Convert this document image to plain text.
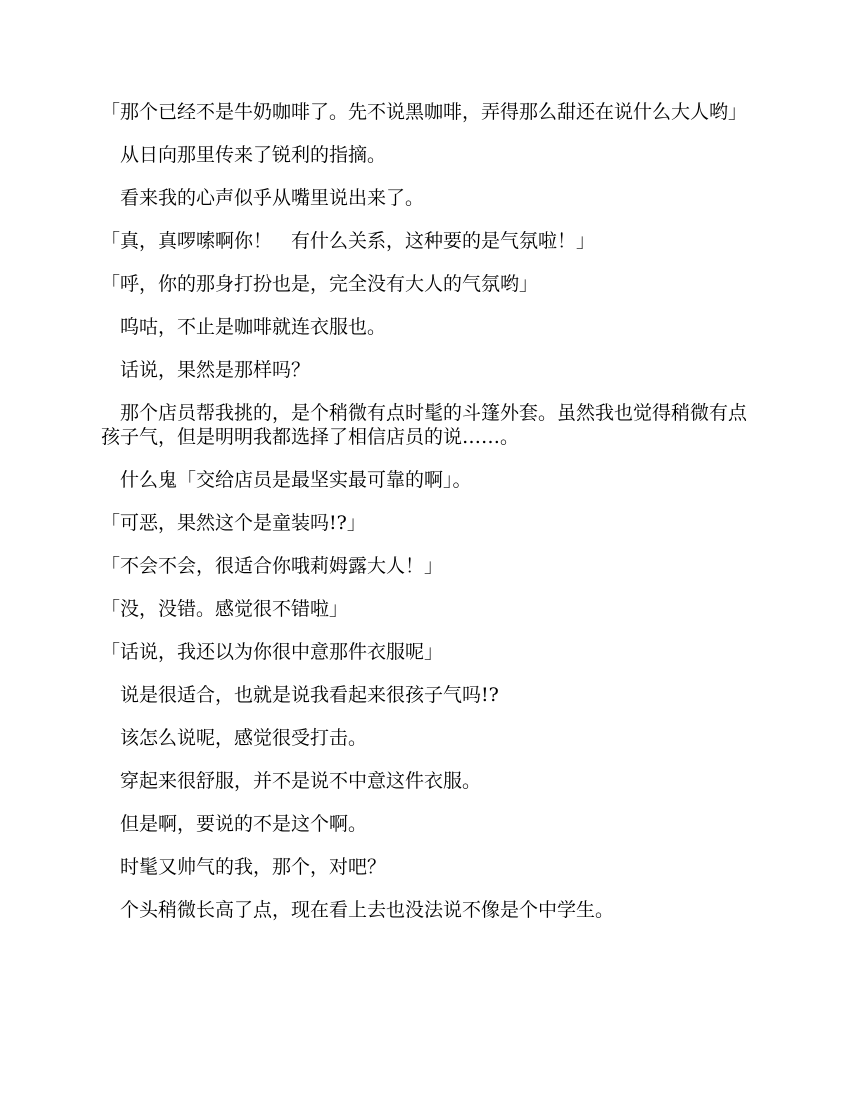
「那个已经不是牛奶咖啡了。先不说黑咖啡，弄得那么甜还在说什么大人哟」

　从日向那里传来了锐利的指摘。

　看来我的心声似乎从嘴里说出来了。

「真，真啰嗦啊你！　有什么关系，这种要的是气氛啦！」

「呼，你的那身打扮也是，完全没有大人的气氛哟」

　呜咕，不止是咖啡就连衣服也。

　话说，果然是那样吗？

　那个店员帮我挑的，是个稍微有点时髦的斗篷外套。虽然我也觉得稍微有点孩子气，但是明明我都选择了相信店员的说……。

　什么鬼「交给店员是最坚实最可靠的啊」。

「可恶，果然这个是童装吗!?」

「不会不会，很适合你哦莉姆露大人！」

「没，没错。感觉很不错啦」

「话说，我还以为你很中意那件衣服呢」

　说是很适合，也就是说我看起来很孩子气吗!?

　该怎么说呢，感觉很受打击。

　穿起来很舒服，并不是说不中意这件衣服。

　但是啊，要说的不是这个啊。

　时髦又帅气的我，那个，对吧？

　个头稍微长高了点，现在看上去也没法说不像是个中学生。
